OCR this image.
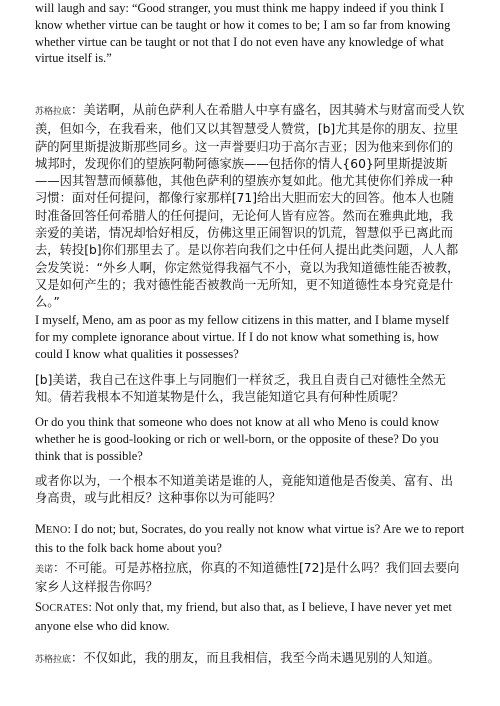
will laugh and say: “Good stranger, you must think me happy indeed if you think I know whether virtue can be taught or how it comes to be; I am so far from knowing whether virtue can be taught or not that I do not even have any knowledge of what virtue itself is.”

苏格拉底：美诺啊，从前色萨利人在希腊人中享有盛名，因其骑术与财富而受人钦羡，但如今，在我看来，他们又以其智慧受人赞赏，[b]尤其是你的朋友、拉里萨的阿里斯提波斯那些同乡。这一声誉要归功于高尔吉亚；因为他来到你们的城邦时，发现你们的望族阿勒阿德家族——包括你的情人{60}阿里斯提波斯——因其智慧而倾慕他，其他色萨利的望族亦复如此。他尤其使你们养成一种习惯：面对任何提问，都像行家那样[71]给出大胆而宏大的回答。他本人也随时准备回答任何希腊人的任何提问，无论何人皆有应答。然而在雅典此地，我亲爱的美诺，情况却恰好相反，仿佛这里正闹智识的饥荒，智慧似乎已离此而去，转投[b]你们那里去了。是以你若向我们之中任何人提出此类问题，人人都会发笑说：“外乡人啊，你定然觉得我福气不小，竟以为我知道德性能否被教，又是如何产生的；我对德性能否被教尚一无所知，更不知道德性本身究竟是什么。”

I myself, Meno, am as poor as my fellow citizens in this matter, and I blame myself for my complete ignorance about virtue. If I do not know what something is, how could I know what qualities it possesses?

[b]美诺，我自己在这件事上与同胞们一样贫乏，我且自责自己对德性全然无知。倩若我根本不知道某物是什么，我岂能知道它具有何种性质呢？

Or do you think that someone who does not know at all who Meno is could know whether he is good-looking or rich or well-born, or the opposite of these? Do you think that is possible?

或者你以为，一个根本不知道美诺是谁的人，竟能知道他是否俊美、富有、出身高贵，或与此相反？这种事你以为可能吗？

MENO: I do not; but, Socrates, do you really not know what virtue is? Are we to report this to the folk back home about you?

美诺：不可能。可是苏格拉底，你真的不知道德性[72]是什么吗？我们回去要向家乡人这样报告你吗？

SOCRATES: Not only that, my friend, but also that, as I believe, I have never yet met anyone else who did know.

苏格拉底：不仅如此，我的朋友，而且我相信，我至今尚未遇见别的人知道。
